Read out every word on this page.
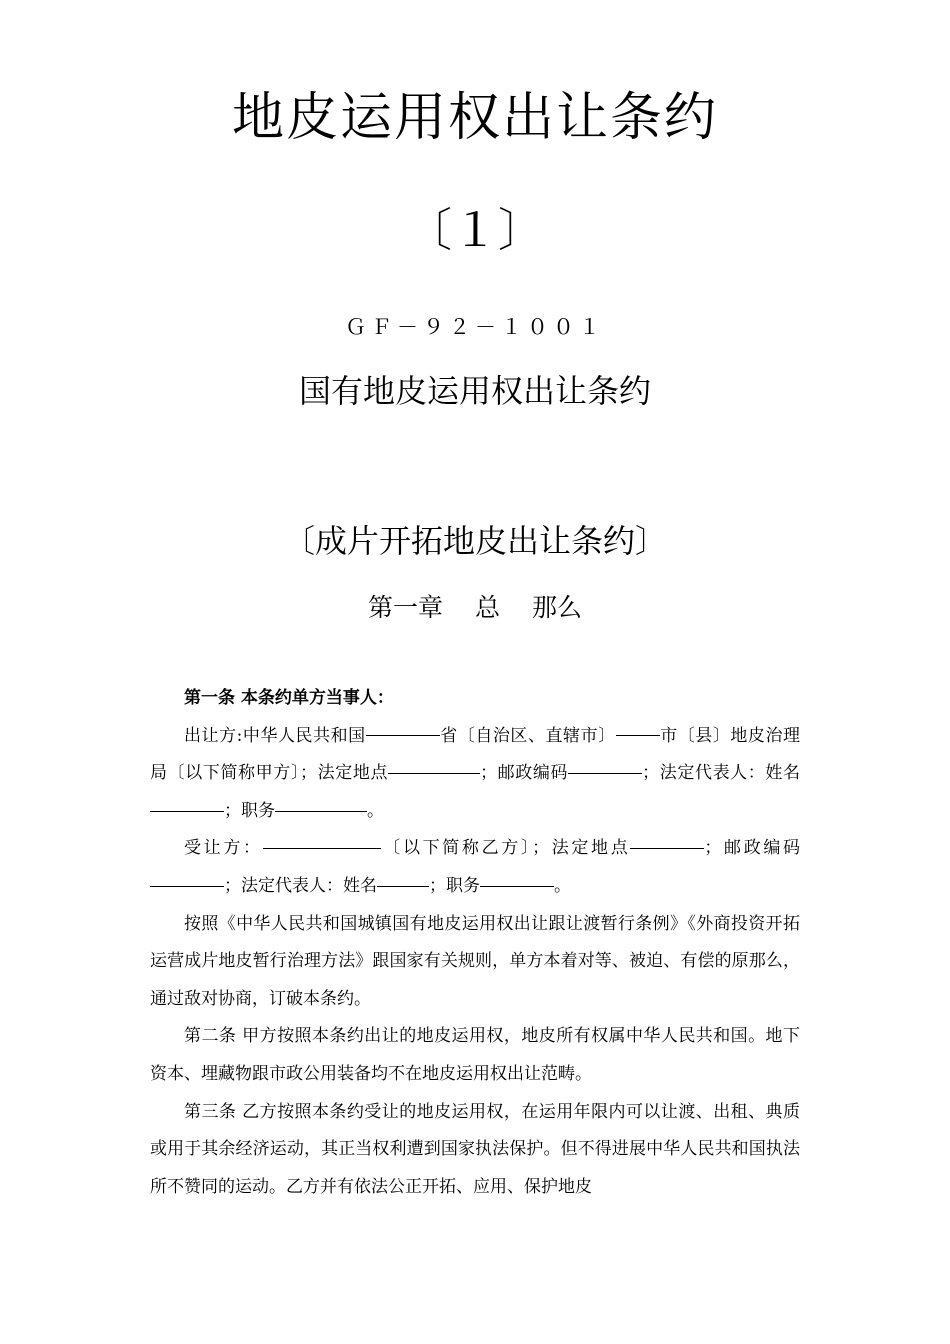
地皮运用权出让条约
〔１〕
ＧＦ－９２－１００１
国有地皮运用权出让条约
〔成片开拓地皮出让条约〕
第一章 总 那么

第一条 本条约单方当事人：

出让方:中华人民共和国	省〔自治区、直辖市〕	市〔县〕地皮治理局〔以下简称甲方〕；法定地点	；邮政编码	；法定代表人：姓名；职务	。

受让方：	〔以下简称乙方〕；法定地点	；邮政编码；法定代表人：姓名	；职务	。

按照《中华人民共和国城镇国有地皮运用权出让跟让渡暂行条例》《外商投资开拓运营成片地皮暂行治理方法》跟国家有关规则，单方本着对等、被迫、有偿的原那么，通过敌对协商，订破本条约。

第二条 甲方按照本条约出让的地皮运用权，地皮所有权属中华人民共和国。地下资本、埋藏物跟市政公用装备均不在地皮运用权出让范畴。

第三条 乙方按照本条约受让的地皮运用权，在运用年限内可以让渡、出租、典质或用于其余经济运动，其正当权利遭到国家执法保护。但不得进展中华人民共和国执法所不赞同的运动。乙方并有依法公正开拓、应用、保护地皮
